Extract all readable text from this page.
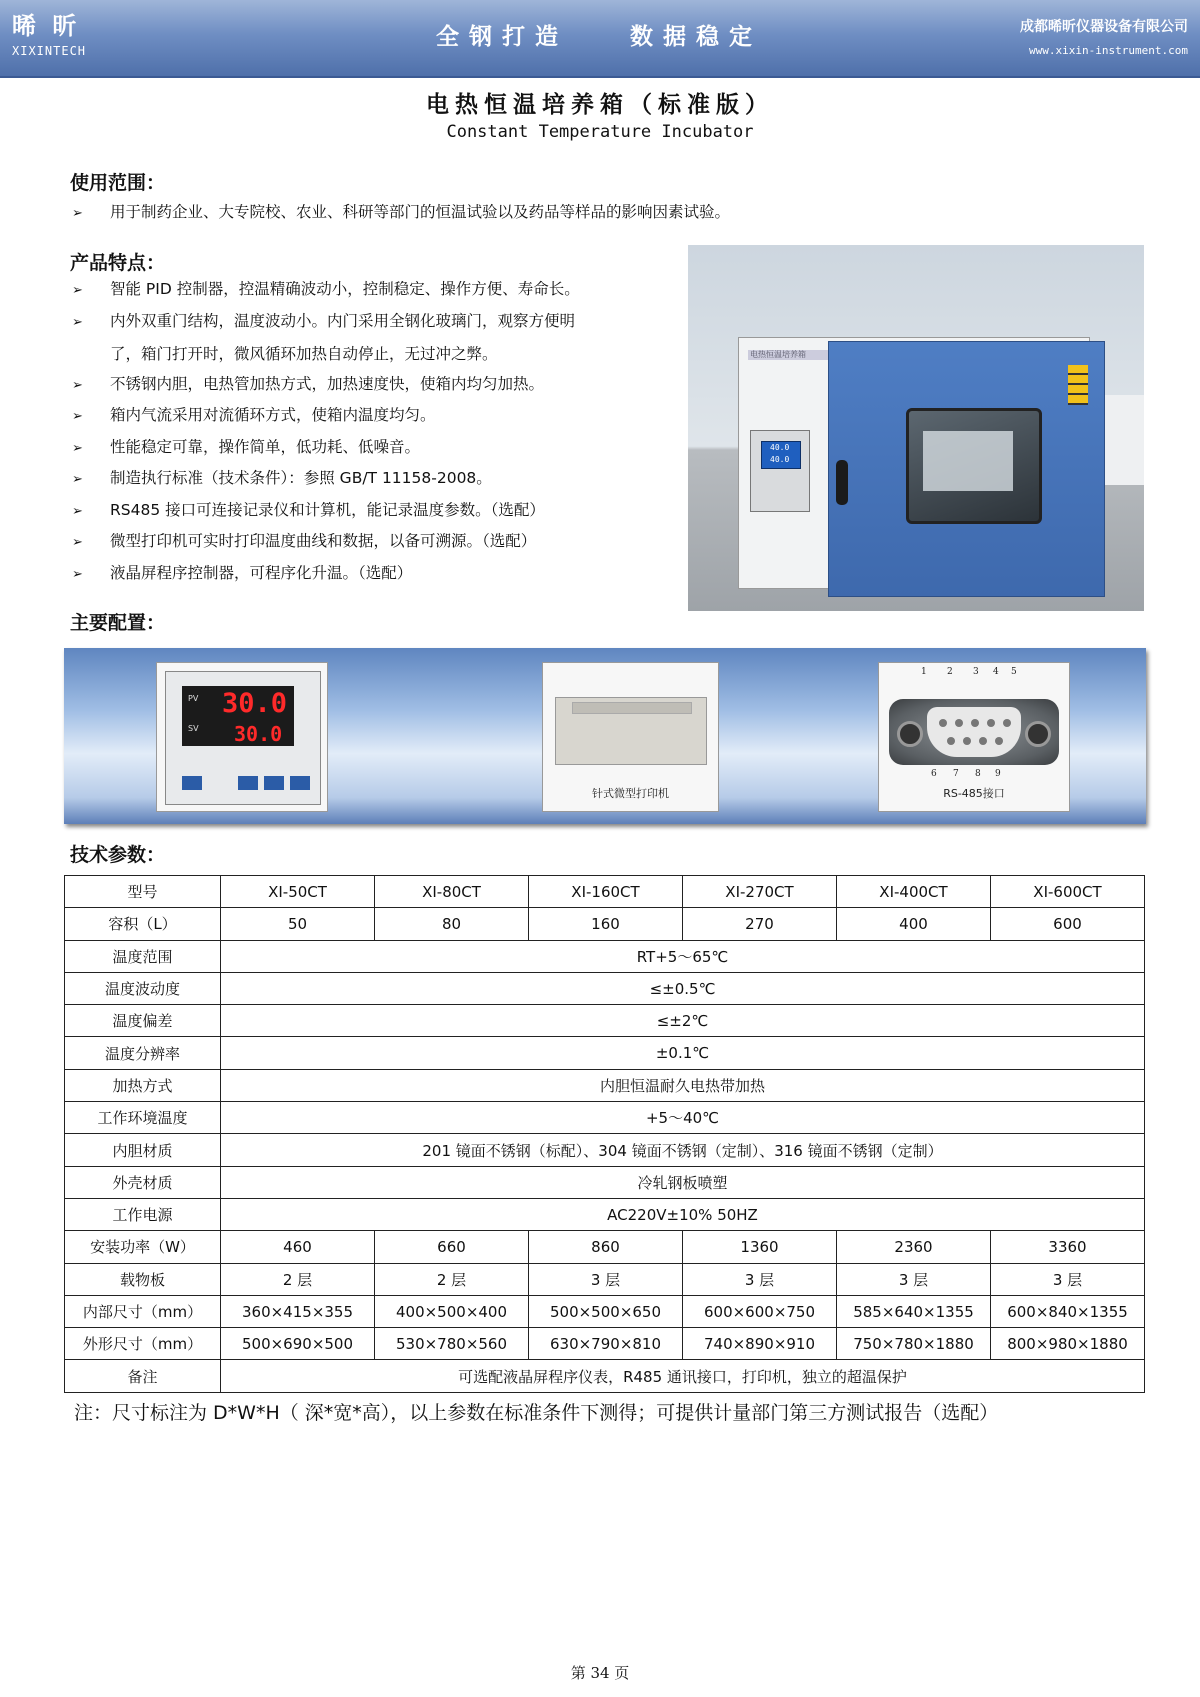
晞 昕
XIXINTECH
全钢打造	数据稳定	成都晞昕仪器设备有限公司
www.xixin-instrument.com
电热恒温培养箱（标准版）
Constant Temperature Incubator
使用范围：
➢ 用于制药企业、大专院校、农业、科研等部门的恒温试验以及药品等样品的影响因素试验。
产品特点：
➢ 智能 PID 控制器，控温精确波动小，控制稳定、操作方便、寿命长。
➢ 内外双重门结构，温度波动小。内门采用全钢化玻璃门，观察方便明
了，箱门打开时，微风循环加热自动停止，无过冲之弊。
➢ 不锈钢内胆，电热管加热方式，加热速度快，使箱内均匀加热。
➢ 箱内气流采用对流循环方式，使箱内温度均匀。
➢ 性能稳定可靠，操作简单，低功耗、低噪音。
➢ 制造执行标准（技术条件）：参照 GB/T 11158-2008。
➢ RS485 接口可连接记录仪和计算机，能记录温度参数。（选配）
➢ 微型打印机可实时打印温度曲线和数据，以备可溯源。（选配）
➢ 液晶屏程序控制器，可程序化升温。（选配）
电热恒温培养箱
40.0
40.0
主要配置：
PV 30.0
SV 30.0
针式微型打印机
1 2 3 4 5
6 7 8 9
RS-485接口
技术参数：
型号	XI-50CT	XI-80CT	XI-160CT	XI-270CT	XI-400CT	XI-600CT
容积（L）	50	80	160	270	400	600
温度范围	RT+5～65℃					
温度波动度	≤±0.5℃					
温度偏差	≤±2℃					
温度分辨率	±0.1℃					
加热方式	内胆恒温耐久电热带加热					
工作环境温度	+5～40℃					
内胆材质	201 镜面不锈钢（标配）、304 镜面不锈钢（定制）、316 镜面不锈钢（定制）					
外壳材质	冷轧钢板喷塑					
工作电源	AC220V±10% 50HZ					
安装功率（W）	460	660	860	1360	2360	3360
载物板	2 层	2 层	3 层	3 层	3 层	3 层
内部尺寸（mm）	360×415×355	400×500×400	500×500×650	600×600×750	585×640×1355	600×840×1355
外形尺寸（mm）	500×690×500	530×780×560	630×790×810	740×890×910	750×780×1880	800×980×1880
备注	可选配液晶屏程序仪表，R485 通讯接口，打印机，独立的超温保护					
注：尺寸标注为 D*W*H（ 深*宽*高），以上参数在标准条件下测得；可提供计量部门第三方测试报告（选配）
第 34 页
